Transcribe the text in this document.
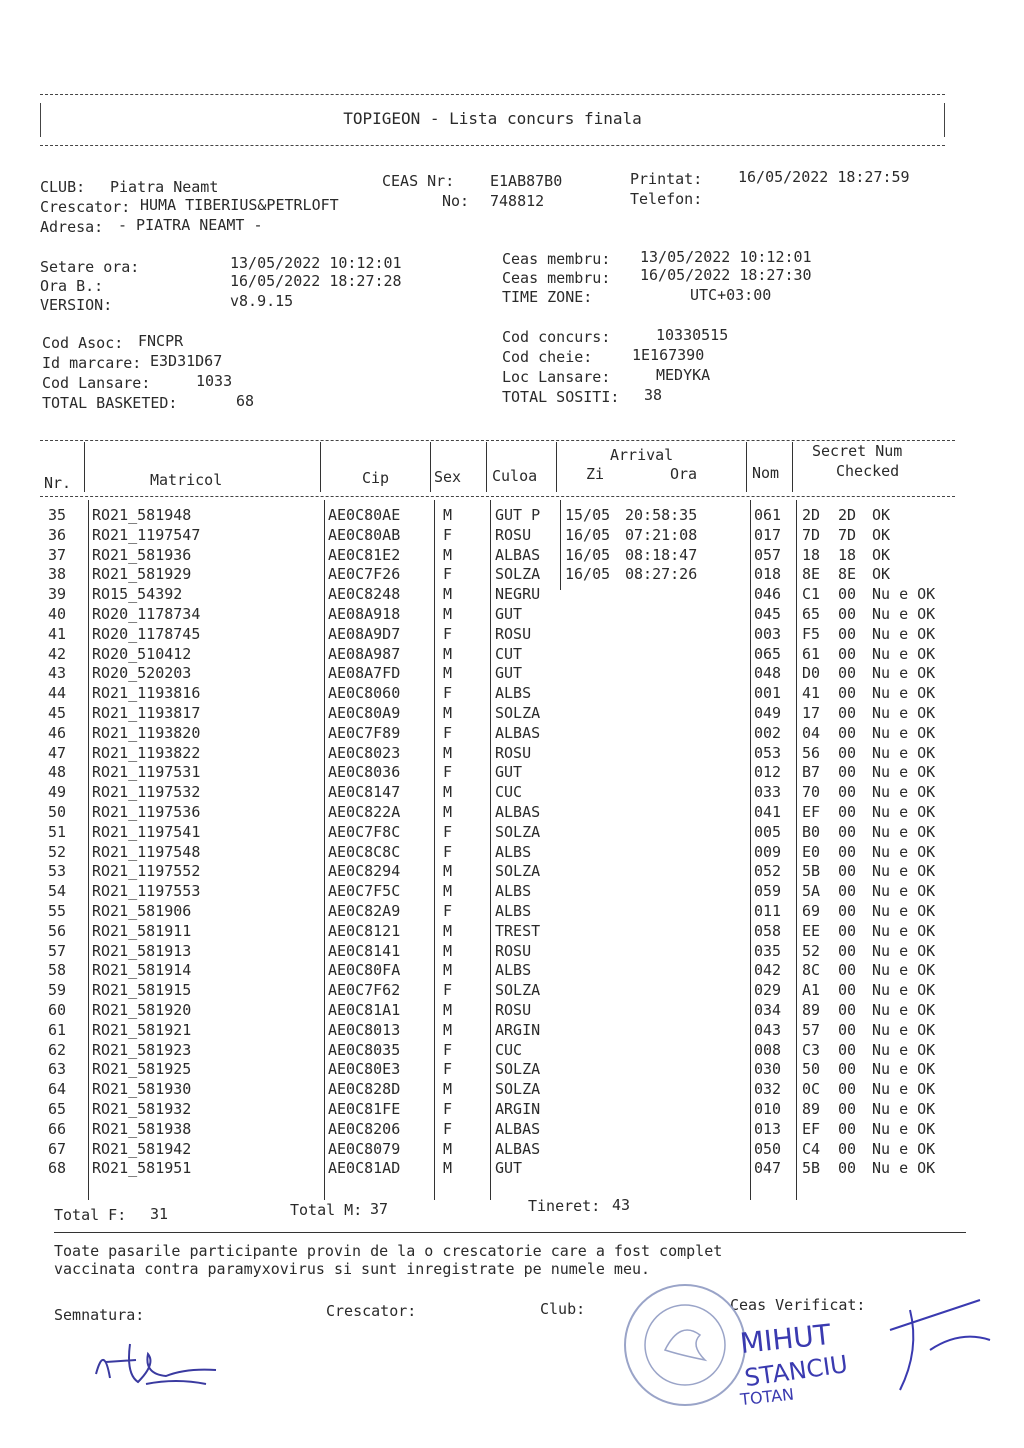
TOPIGEON - Lista concurs finala
CLUB: Piatra Neamt	CEAS Nr: E1AB87B0	Printat: 16/05/2022 18:27:59
Crescator: HUMA TIBERIUS&PETRLOFT	No: 748812	Telefon:
Adresa: - PIATRA NEAMT -
Setare ora:	13/05/2022 10:12:01
Ora B.:	16/05/2022 18:27:28
VERSION:	v8.9.15
Ceas membru: 13/05/2022 10:12:01
Ceas membru: 16/05/2022 18:27:30
TIME ZONE:	UTC+03:00
Cod Asoc: FNCPR
Id marcare: E3D31D67
Cod Lansare:	1033
TOTAL BASKETED:	68
Cod concurs:	10330515
Cod cheie:	1E167390
Loc Lansare:	MEDYKA
TOTAL SOSITI: 38
Nr.	Matricol	Cip	Sex Culoa
Arrival
Zi	Ora	Nom
Secret Num
Checked
35 RO21_581948	AE0C80AE	M	GUT P 15/05 20:58:35	061 2D 2D OK
36 RO21_1197547	AE0C80AB	F	ROSU 16/05 07:21:08	017 7D 7D OK
37 RO21_581936	AE0C81E2	M	ALBAS 16/05 08:18:47	057 18 18 OK
38 RO21_581929	AE0C7F26	F	SOLZA 16/05 08:27:26	018 8E 8E OK
39 RO15_54392	AE0C8248	M	NEGRU	046 C1 00 Nu e OK
40 RO20_1178734	AE08A918	M	GUT	045 65 00 Nu e OK
41 RO20_1178745	AE08A9D7	F	ROSU	003 F5 00 Nu e OK
42 RO20_510412	AE08A987	M	CUT	065 61 00 Nu e OK
43 RO20_520203	AE08A7FD	M	GUT	048 D0 00 Nu e OK
44 RO21_1193816	AE0C8060	F	ALBS	001 41 00 Nu e OK
45 RO21_1193817	AE0C80A9	M	SOLZA	049 17 00 Nu e OK
46 RO21_1193820	AE0C7F89	F	ALBAS	002 04 00 Nu e OK
47 RO21_1193822	AE0C8023	M	ROSU	053 56 00 Nu e OK
48 RO21_1197531	AE0C8036	F	GUT	012 B7 00 Nu e OK
49 RO21_1197532	AE0C8147	M	CUC	033 70 00 Nu e OK
50 RO21_1197536	AE0C822A	M	ALBAS	041 EF 00 Nu e OK
51 RO21_1197541	AE0C7F8C	F	SOLZA	005 B0 00 Nu e OK
52 RO21_1197548	AE0C8C8C	F	ALBS	009 E0 00 Nu e OK
53 RO21_1197552	AE0C8294	M	SOLZA	052 5B 00 Nu e OK
54 RO21_1197553	AE0C7F5C	M	ALBS	059 5A 00 Nu e OK
55 RO21_581906	AE0C82A9	F	ALBS	011 69 00 Nu e OK
56 RO21_581911	AE0C8121	M	TREST	058 EE 00 Nu e OK
57 RO21_581913	AE0C8141	M	ROSU	035 52 00 Nu e OK
58 RO21_581914	AE0C80FA	M	ALBS	042 8C 00 Nu e OK
59 RO21_581915	AE0C7F62	F	SOLZA	029 A1 00 Nu e OK
60 RO21_581920	AE0C81A1	M	ROSU	034 89 00 Nu e OK
61 RO21_581921	AE0C8013	M	ARGIN	043 57 00 Nu e OK
62 RO21_581923	AE0C8035	F	CUC	008 C3 00 Nu e OK
63 RO21_581925	AE0C80E3	F	SOLZA	030 50 00 Nu e OK
64 RO21_581930	AE0C828D	M	SOLZA	032 0C 00 Nu e OK
65 RO21_581932	AE0C81FE	F	ARGIN	010 89 00 Nu e OK
66 RO21_581938	AE0C8206	F	ALBAS	013 EF 00 Nu e OK
67 RO21_581942	AE0C8079	M	ALBAS	050 C4 00 Nu e OK
68 RO21_581951	AE0C81AD	M	GUT	047 5B 00 Nu e OK
Total F: 31	Total M: 37	Tineret: 43
Toate pasarile participante provin de la o crescatorie care a fost complet
vaccinata contra paramyxovirus si sunt inregistrate pe numele meu.
Semnatura:	Crescator:	Club:	Ceas Verificat:
MIHUT
STANCIU
TOTAN
